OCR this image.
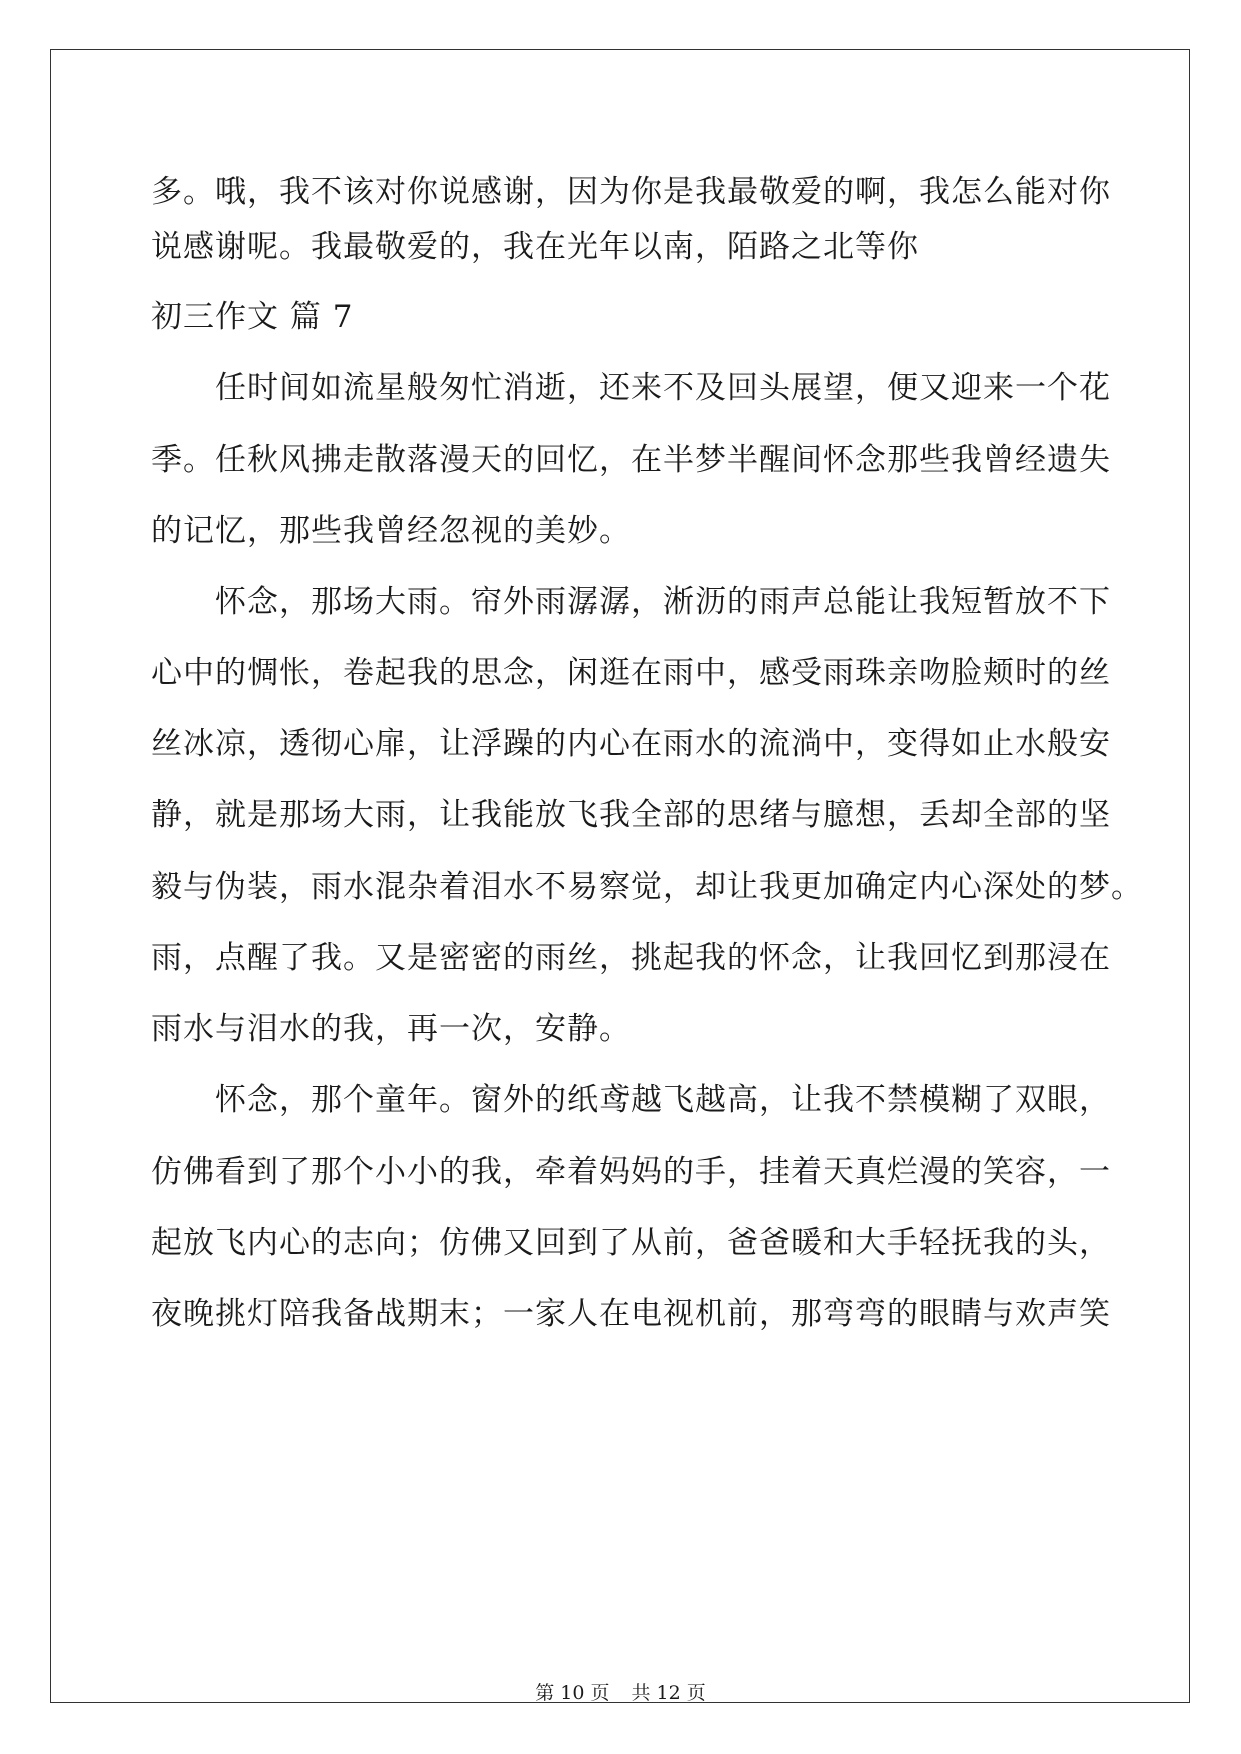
多。哦，我不该对你说感谢，因为你是我最敬爱的啊，我怎么能对你
说感谢呢。我最敬爱的，我在光年以南，陌路之北等你
初三作文 篇 7
任时间如流星般匆忙消逝，还来不及回头展望，便又迎来一个花
季。任秋风拂走散落漫天的回忆，在半梦半醒间怀念那些我曾经遗失
的记忆，那些我曾经忽视的美妙。
怀念，那场大雨。帘外雨潺潺，淅沥的雨声总能让我短暂放不下
心中的惆怅，卷起我的思念，闲逛在雨中，感受雨珠亲吻脸颊时的丝
丝冰凉，透彻心扉，让浮躁的内心在雨水的流淌中，变得如止水般安
静，就是那场大雨，让我能放飞我全部的思绪与臆想，丢却全部的坚
毅与伪装，雨水混杂着泪水不易察觉，却让我更加确定内心深处的梦。
雨，点醒了我。又是密密的雨丝，挑起我的怀念，让我回忆到那浸在
雨水与泪水的我，再一次，安静。
怀念，那个童年。窗外的纸鸢越飞越高，让我不禁模糊了双眼，
仿佛看到了那个小小的我，牵着妈妈的手，挂着天真烂漫的笑容，一
起放飞内心的志向；仿佛又回到了从前，爸爸暖和大手轻抚我的头，
夜晚挑灯陪我备战期末；一家人在电视机前，那弯弯的眼睛与欢声笑
第 10 页 共 12 页
